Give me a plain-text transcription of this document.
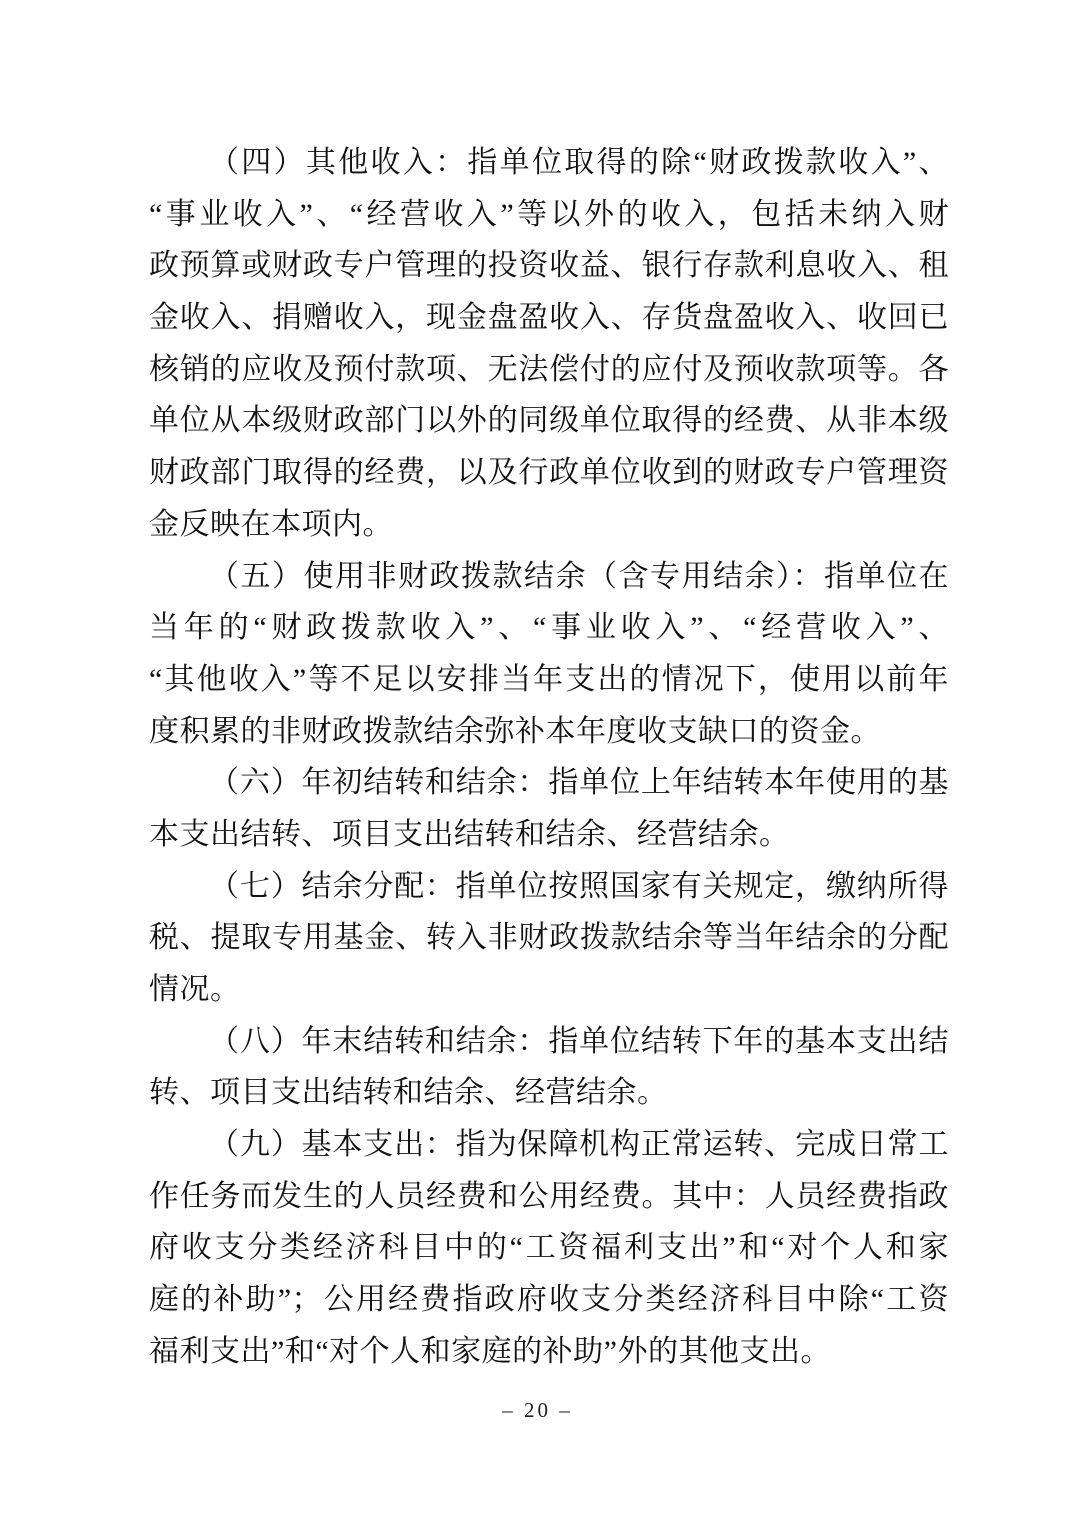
（四）其他收入：指单位取得的除“财政拨款收入”、
“事业收入”、“经营收入”等以外的收入，包括未纳入财
政预算或财政专户管理的投资收益、银行存款利息收入、租
金收入、捐赠收入，现金盘盈收入、存货盘盈收入、收回已
核销的应收及预付款项、无法偿付的应付及预收款项等。各
单位从本级财政部门以外的同级单位取得的经费、从非本级
财政部门取得的经费，以及行政单位收到的财政专户管理资
金反映在本项内。
（五）使用非财政拨款结余（含专用结余）：指单位在
当年的“财政拨款收入”、“事业收入”、“经营收入”、
“其他收入”等不足以安排当年支出的情况下，使用以前年
度积累的非财政拨款结余弥补本年度收支缺口的资金。
（六）年初结转和结余：指单位上年结转本年使用的基
本支出结转、项目支出结转和结余、经营结余。
（七）结余分配：指单位按照国家有关规定，缴纳所得
税、提取专用基金、转入非财政拨款结余等当年结余的分配
情况。
（八）年末结转和结余：指单位结转下年的基本支出结
转、项目支出结转和结余、经营结余。
（九）基本支出：指为保障机构正常运转、完成日常工
作任务而发生的人员经费和公用经费。其中：人员经费指政
府收支分类经济科目中的“工资福利支出”和“对个人和家
庭的补助”；公用经费指政府收支分类经济科目中除“工资
福利支出”和“对个人和家庭的补助”外的其他支出。
– 20 –
